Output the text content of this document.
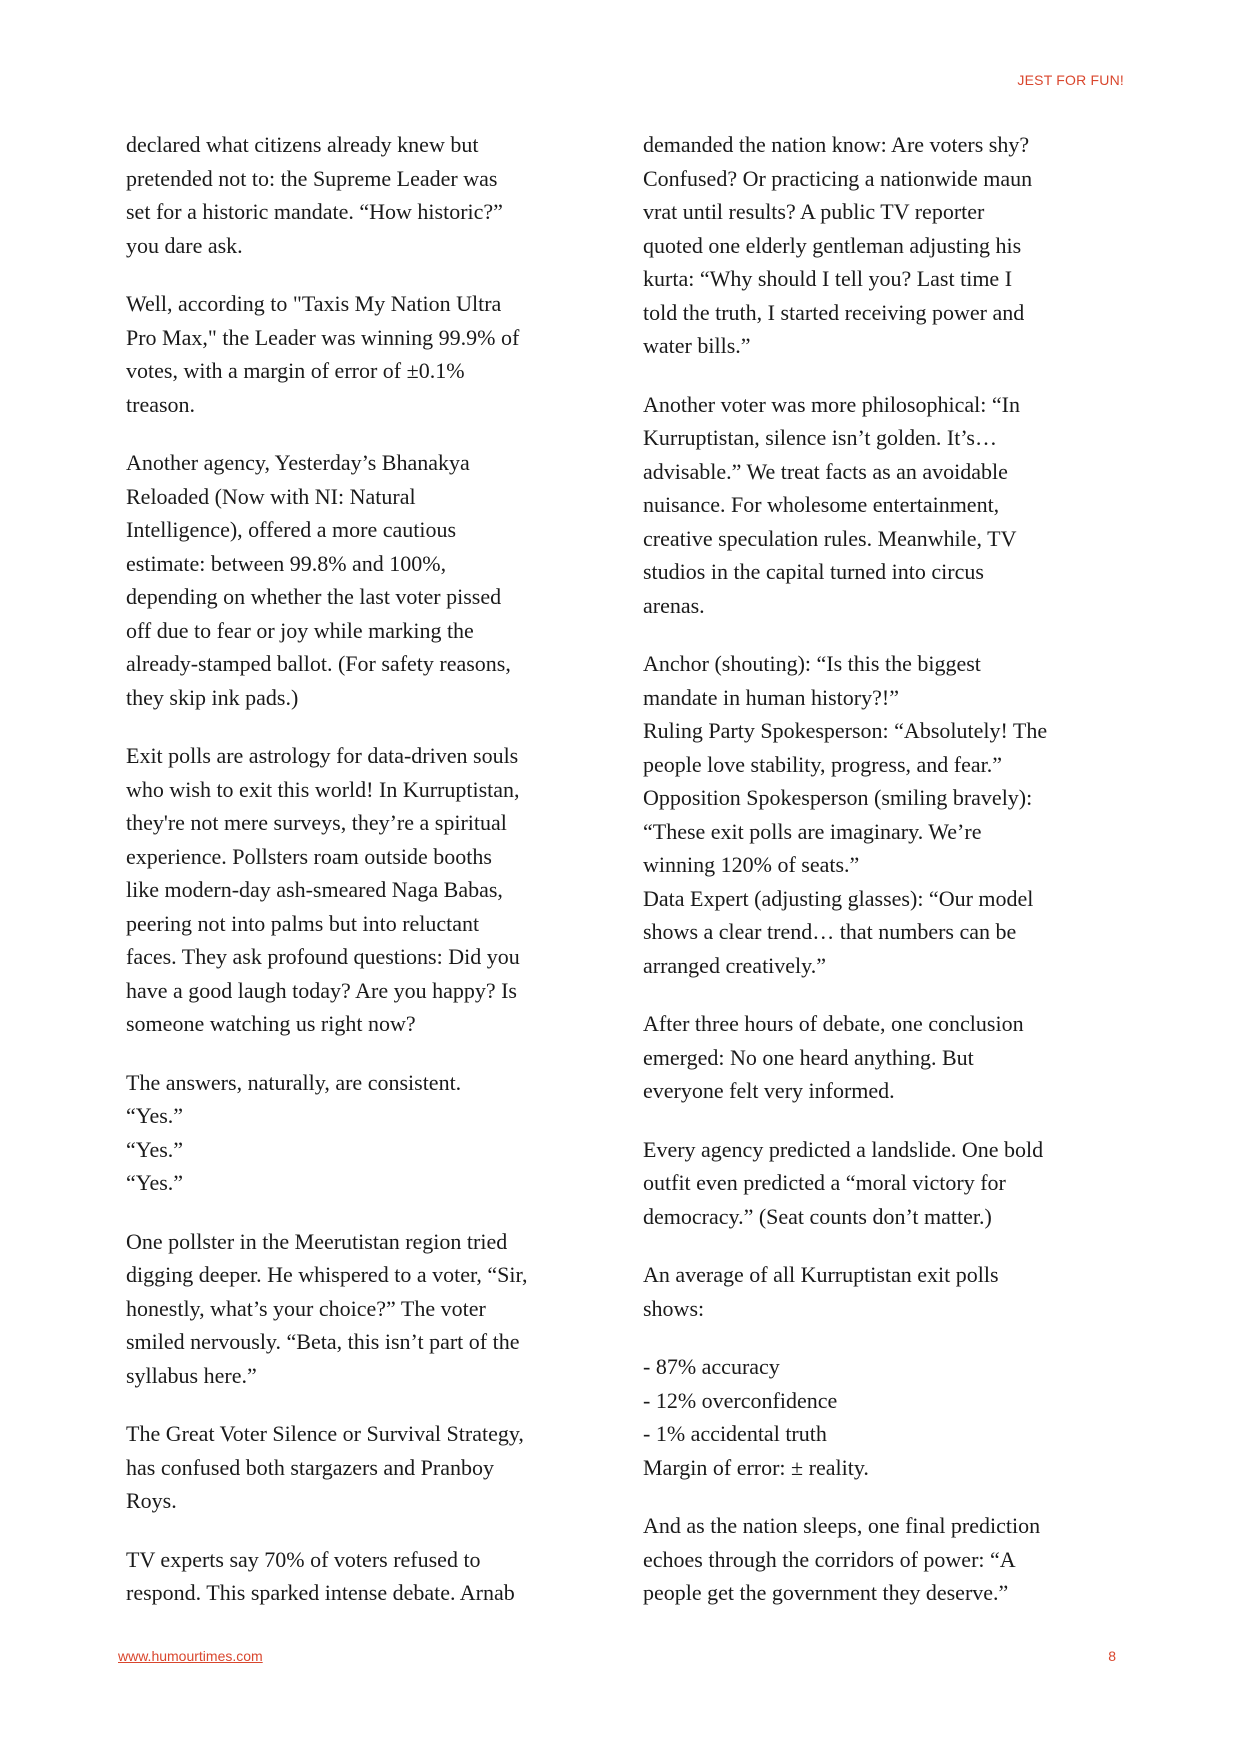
JEST FOR FUN!

declared what citizens already knew but
pretended not to: the Supreme Leader was
set for a historic mandate. “How historic?”
you dare ask.

Well, according to "Taxis My Nation Ultra
Pro Max," the Leader was winning 99.9% of
votes, with a margin of error of ±0.1%
treason.

Another agency, Yesterday’s Bhanakya
Reloaded (Now with NI: Natural
Intelligence), offered a more cautious
estimate: between 99.8% and 100%,
depending on whether the last voter pissed
off due to fear or joy while marking the
already-stamped ballot. (For safety reasons,
they skip ink pads.)

Exit polls are astrology for data-driven souls
who wish to exit this world! In Kurruptistan,
they're not mere surveys, they’re a spiritual
experience. Pollsters roam outside booths
like modern-day ash-smeared Naga Babas,
peering not into palms but into reluctant
faces. They ask profound questions: Did you
have a good laugh today? Are you happy? Is
someone watching us right now?

The answers, naturally, are consistent.
“Yes.”
“Yes.”
“Yes.”

One pollster in the Meerutistan region tried
digging deeper. He whispered to a voter, “Sir,
honestly, what’s your choice?” The voter
smiled nervously. “Beta, this isn’t part of the
syllabus here.”

The Great Voter Silence or Survival Strategy,
has confused both stargazers and Pranboy
Roys.

TV experts say 70% of voters refused to
respond. This sparked intense debate. Arnab

demanded the nation know: Are voters shy?
Confused? Or practicing a nationwide maun
vrat until results? A public TV reporter
quoted one elderly gentleman adjusting his
kurta: “Why should I tell you? Last time I
told the truth, I started receiving power and
water bills.”

Another voter was more philosophical: “In
Kurruptistan, silence isn’t golden. It’s…
advisable.” We treat facts as an avoidable
nuisance. For wholesome entertainment,
creative speculation rules. Meanwhile, TV
studios in the capital turned into circus
arenas.

Anchor (shouting): “Is this the biggest
mandate in human history?!”
Ruling Party Spokesperson: “Absolutely! The
people love stability, progress, and fear.”
Opposition Spokesperson (smiling bravely):
“These exit polls are imaginary. We’re
winning 120% of seats.”
Data Expert (adjusting glasses): “Our model
shows a clear trend… that numbers can be
arranged creatively.”

After three hours of debate, one conclusion
emerged: No one heard anything. But
everyone felt very informed.

Every agency predicted a landslide. One bold
outfit even predicted a “moral victory for
democracy.” (Seat counts don’t matter.)

An average of all Kurruptistan exit polls
shows:

- 87% accuracy
- 12% overconfidence
- 1% accidental truth
Margin of error: ± reality.

And as the nation sleeps, one final prediction
echoes through the corridors of power: “A
people get the government they deserve.”

www.humourtimes.com	8
